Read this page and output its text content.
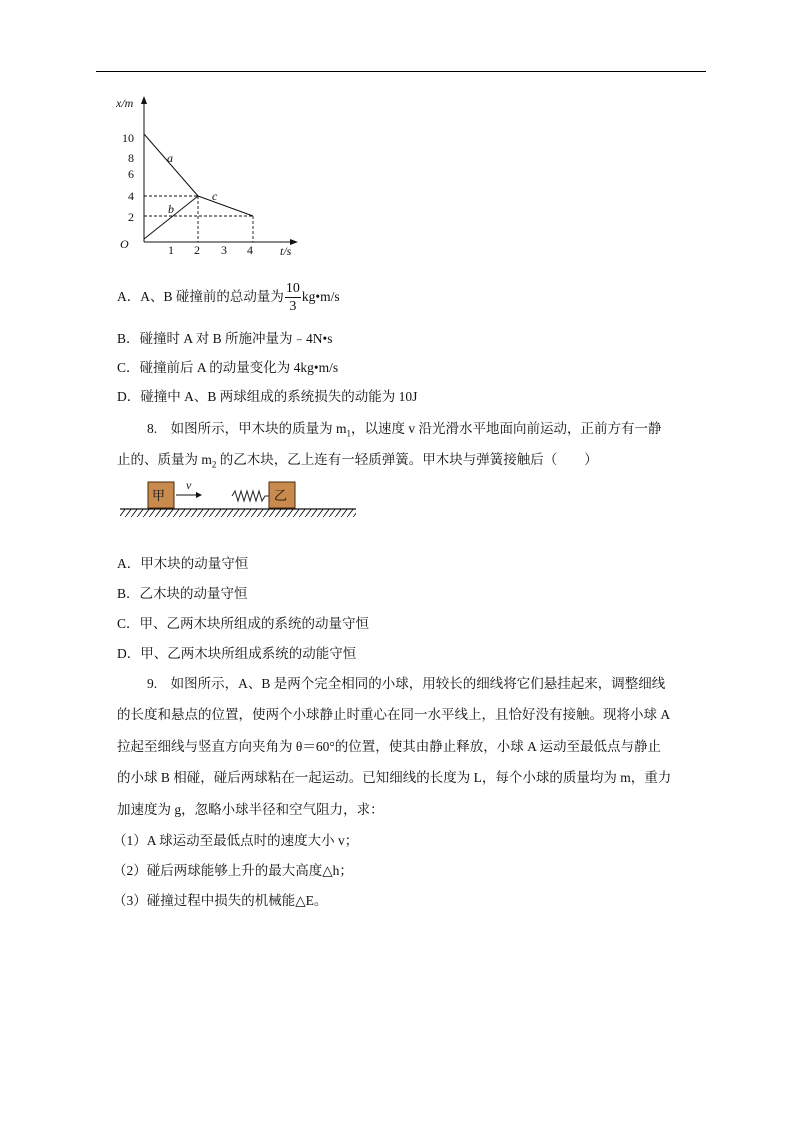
x/m
t/s
O
10
8
6
4
2
1 2 3 4
a
b
c
A．A、B 碰撞前的总动量为 $\frac{10}{3}$ kg•m/s
B．碰撞时 A 对 B 所施冲量为﹣4N•s
C．碰撞前后 A 的动量变化为 4kg•m/s
D．碰撞中 A、B 两球组成的系统损失的动能为 10J
8.　如图所示，甲木块的质量为 $m_1$，以速度 v 沿光滑水平地面向前运动，正前方有一静
止的、质量为 $m_2$ 的乙木块，乙上连有一轻质弹簧。甲木块与弹簧接触后（　　）
甲
v
乙
A．甲木块的动量守恒
B．乙木块的动量守恒
C．甲、乙两木块所组成的系统的动量守恒
D．甲、乙两木块所组成系统的动能守恒
9.　如图所示，A、B 是两个完全相同的小球，用较长的细线将它们悬挂起来，调整细线
的长度和悬点的位置，使两个小球静止时重心在同一水平线上，且恰好没有接触。现将小球 A
拉起至细线与竖直方向夹角为 θ＝60°的位置，使其由静止释放，小球 A 运动至最低点与静止
的小球 B 相碰，碰后两球粘在一起运动。已知细线的长度为 L，每个小球的质量均为 m，重力
加速度为 g，忽略小球半径和空气阻力，求：
（1）A 球运动至最低点时的速度大小 v；
（2）碰后两球能够上升的最大高度△h；
（3）碰撞过程中损失的机械能△E。
